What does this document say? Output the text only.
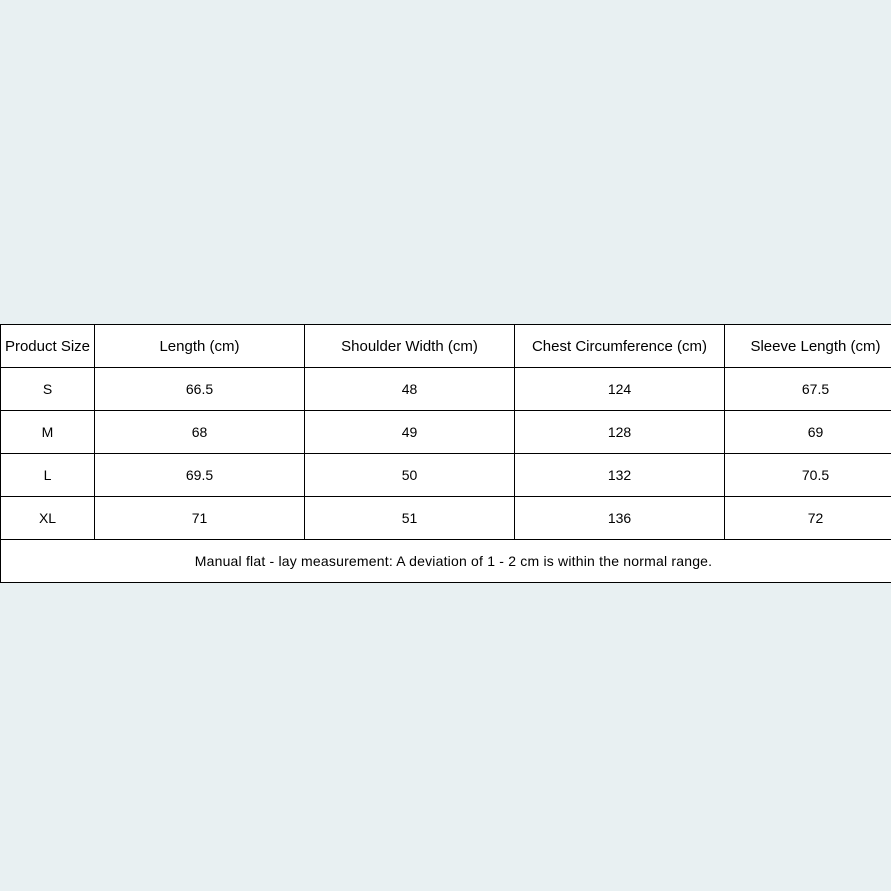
Product Size	Length (cm)	Shoulder Width (cm)	Chest Circumference (cm)	Sleeve Length (cm)
S	66.5	48	124	67.5
M	68	49	128	69
L	69.5	50	132	70.5
XL	71	51	136	72
Manual flat - lay measurement: A deviation of 1 - 2 cm is within the normal range.				
